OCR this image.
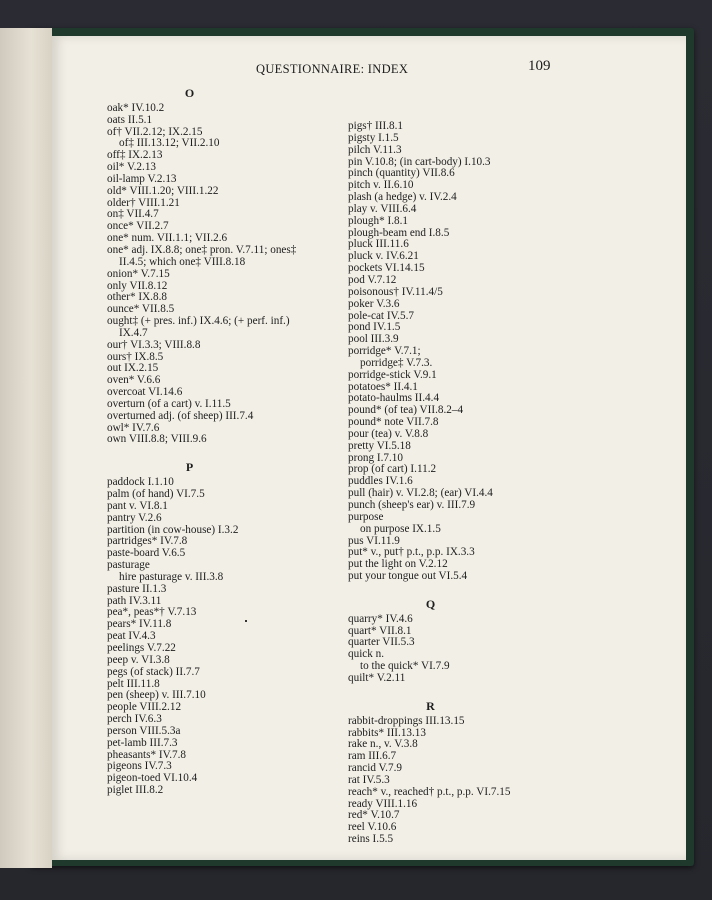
QUESTIONNAIRE: INDEX	109
O
oak* IV.10.2
oats II.5.1
of† VII.2.12; IX.2.15
of‡ III.13.12; VII.2.10
off‡ IX.2.13
oil* V.2.13
oil-lamp V.2.13
old* VIII.1.20; VIII.1.22
older† VIII.1.21
on‡ VII.4.7
once* VII.2.7
one* num. VII.1.1; VII.2.6
one* adj. IX.8.8; one‡ pron. V.7.11; ones‡
II.4.5; which one‡ VIII.8.18
onion* V.7.15
only VII.8.12
other* IX.8.8
ounce* VII.8.5
ought‡ (+ pres. inf.) IX.4.6; (+ perf. inf.)
IX.4.7
our† VI.3.3; VIII.8.8
ours† IX.8.5
out IX.2.15
oven* V.6.6
overcoat VI.14.6
overturn (of a cart) v. I.11.5
overturned adj. (of sheep) III.7.4
owl* IV.7.6
own VIII.8.8; VIII.9.6
P
paddock I.1.10
palm (of hand) VI.7.5
pant v. VI.8.1
pantry V.2.6
partition (in cow-house) I.3.2
partridges* IV.7.8
paste-board V.6.5
pasturage
hire pasturage v. III.3.8
pasture II.1.3
path IV.3.11
pea*, peas*† V.7.13
pears* IV.11.8
peat IV.4.3
peelings V.7.22
peep v. VI.3.8
pegs (of stack) II.7.7
pelt III.11.8
pen (sheep) v. III.7.10
people VIII.2.12
perch IV.6.3
person VIII.5.3a
pet-lamb III.7.3
pheasants* IV.7.8
pigeons IV.7.3
pigeon-toed VI.10.4
piglet III.8.2
pigs† III.8.1
pigsty I.1.5
pilch V.11.3
pin V.10.8; (in cart-body) I.10.3
pinch (quantity) VII.8.6
pitch v. II.6.10
plash (a hedge) v. IV.2.4
play v. VIII.6.4
plough* I.8.1
plough-beam end I.8.5
pluck III.11.6
pluck v. IV.6.21
pockets VI.14.15
pod V.7.12
poisonous† IV.11.4/5
poker V.3.6
pole-cat IV.5.7
pond IV.1.5
pool III.3.9
porridge* V.7.1;
porridge‡ V.7.3.
porridge-stick V.9.1
potatoes* II.4.1
potato-haulms II.4.4
pound* (of tea) VII.8.2–4
pound* note VII.7.8
pour (tea) v. V.8.8
pretty VI.5.18
prong I.7.10
prop (of cart) I.11.2
puddles IV.1.6
pull (hair) v. VI.2.8; (ear) VI.4.4
punch (sheep's ear) v. III.7.9
purpose
on purpose IX.1.5
pus VI.11.9
put* v., put† p.t., p.p. IX.3.3
put the light on V.2.12
put your tongue out VI.5.4
Q
quarry* IV.4.6
quart* VII.8.1
quarter VII.5.3
quick n.
to the quick* VI.7.9
quilt* V.2.11
R
rabbit-droppings III.13.15
rabbits* III.13.13
rake n., v. V.3.8
ram III.6.7
rancid V.7.9
rat IV.5.3
reach* v., reached† p.t., p.p. VI.7.15
ready VIII.1.16
red* V.10.7
reel V.10.6
reins I.5.5
